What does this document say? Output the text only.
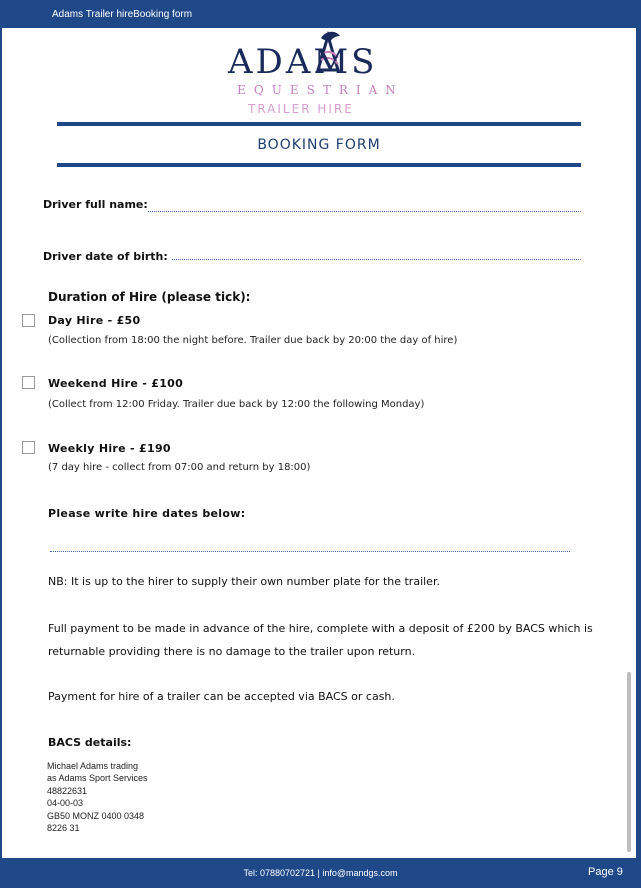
Adams Trailer hireBooking form
ADAMS
EQUESTRIAN
TRAILER HIRE
BOOKING FORM
Driver full name:
Driver date of birth:
Duration of Hire (please tick):
Day Hire - £50
(Collection from 18:00 the night before. Trailer due back by 20:00 the day of hire)
Weekend Hire - £100
(Collect from 12:00 Friday. Trailer due back by 12:00 the following Monday)
Weekly Hire - £190
(7 day hire - collect from 07:00 and return by 18:00)
Please write hire dates below:
NB: It is up to the hirer to supply their own number plate for the trailer.
Full payment to be made in advance of the hire, complete with a deposit of £200 by BACS which is
returnable providing there is no damage to the trailer upon return.
Payment for hire of a trailer can be accepted via BACS or cash.
BACS details:
Michael Adams trading
as Adams Sport Services
48822631
04-00-03
GB50 MONZ 0400 0348
8226 31
Tel: 07880702721 | info@mandgs.com	Page 9
